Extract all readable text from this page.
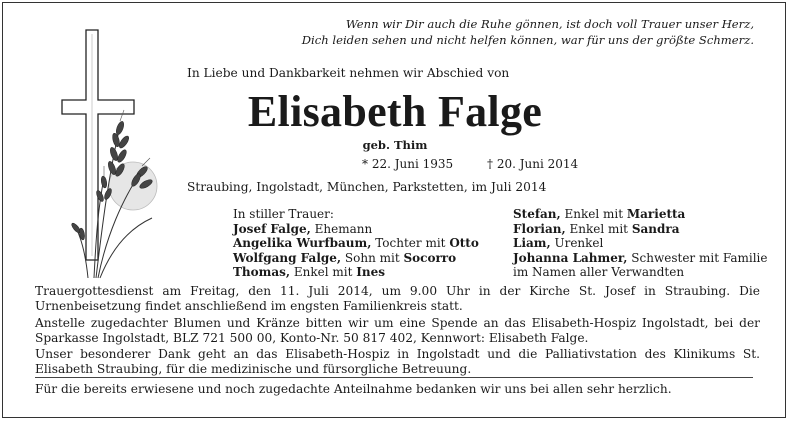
Wenn wir Dir auch die Ruhe gönnen, ist doch voll Trauer unser Herz,
Dich leiden sehen und nicht helfen können, war für uns der größte Schmerz.
In Liebe und Dankbarkeit nehmen wir Abschied von
Elisabeth Falge
geb. Thim
* 22. Juni 1935	† 20. Juni 2014
Straubing, Ingolstadt, München, Parkstetten, im Juli 2014
In stiller Trauer:
Josef Falge, Ehemann
Angelika Wurfbaum, Tochter mit Otto
Wolfgang Falge, Sohn mit Socorro
Thomas, Enkel mit Ines
Stefan, Enkel mit Marietta
Florian, Enkel mit Sandra
Liam, Urenkel
Johanna Lahmer, Schwester mit Familie
im Namen aller Verwandten
Trauergottesdienst am Freitag, den 11. Juli 2014, um 9.00 Uhr in der Kirche St. Josef in Straubing. Die Urnenbeisetzung findet anschließend im engsten Familienkreis statt.
Anstelle zugedachter Blumen und Kränze bitten wir um eine Spende an das Elisabeth-Hospiz Ingolstadt, bei der Sparkasse Ingolstadt, BLZ 721 500 00, Konto-Nr. 50 817 402, Kennwort: Elisabeth Falge.
Unser besonderer Dank geht an das Elisabeth-Hospiz in Ingolstadt und die Palliativstation des Klinikums St. Elisabeth Straubing, für die medizinische und fürsorgliche Betreuung.
Für die bereits erwiesene und noch zugedachte Anteilnahme bedanken wir uns bei allen sehr herzlich.
